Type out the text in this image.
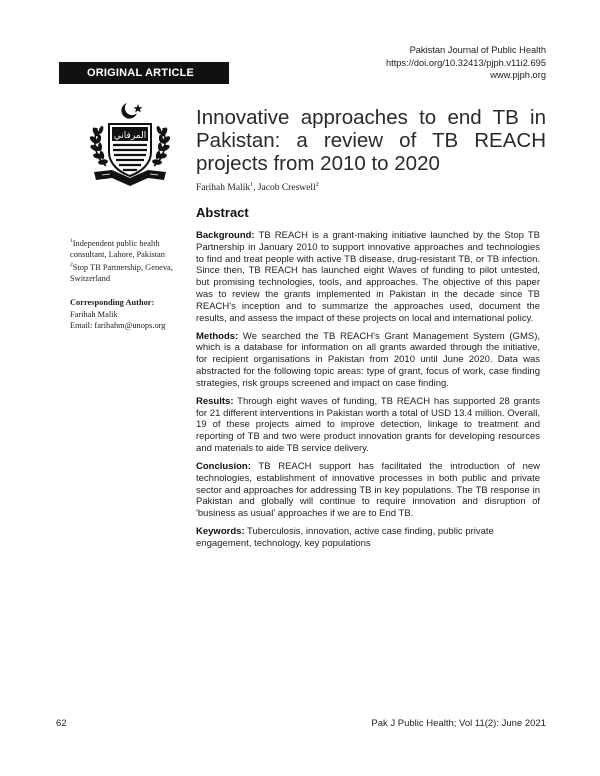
Pakistan Journal of Public Health
https://doi.org/10.32413/pjph.v11i2.695
www.pjph.org
ORIGINAL ARTICLE
المرفاني
Innovative approaches to end TB in Pakistan: a review of TB REACH projects from 2010 to 2020
Farihah Malik$^1$, Jacob Creswell$^2$
$^1$Independent public health consultant, Lahore, Pakistan
$^2$Stop TB Partnership, Geneva, Switzerland
Corresponding Author:
Farihah Malik
Email: farihahm@unops.org
Abstract

Background: TB REACH is a grant-making initiative launched by the Stop TB Partnership in January 2010 to support innovative approaches and technologies to find and treat people with active TB disease, drug-resistant TB, or TB infection. Since then, TB REACH has launched eight Waves of funding to pilot untested, but promising technologies, tools, and approaches. The objective of this paper was to review the grants implemented in Pakistan in the decade since TB REACH's inception and to summarize the approaches used, document the results, and assess the impact of these projects on local and international policy.

Methods: We searched the TB REACH's Grant Management System (GMS), which is a database for information on all grants awarded through the initiative, for recipient organisations in Pakistan from 2010 until June 2020. Data was abstracted for the following topic areas: type of grant, focus of work, case finding strategies, risk groups screened and impact on case finding.

Results: Through eight waves of funding, TB REACH has supported 28 grants for 21 different interventions in Pakistan worth a total of USD 13.4 million. Overall, 19 of these projects aimed to improve detection, linkage to treatment and reporting of TB and two were product innovation grants for developing resources and materials to aide TB service delivery.

Conclusion: TB REACH support has facilitated the introduction of new technologies, establishment of innovative processes in both public and private sector and approaches for addressing TB in key populations. The TB response in Pakistan and globally will continue to require innovation and disruption of 'business as usual' approaches if we are to End TB.

Keywords: Tuberculosis, innovation, active case finding, public private engagement, technology, key populations

62	Pak J Public Health; Vol 11(2): June 2021
